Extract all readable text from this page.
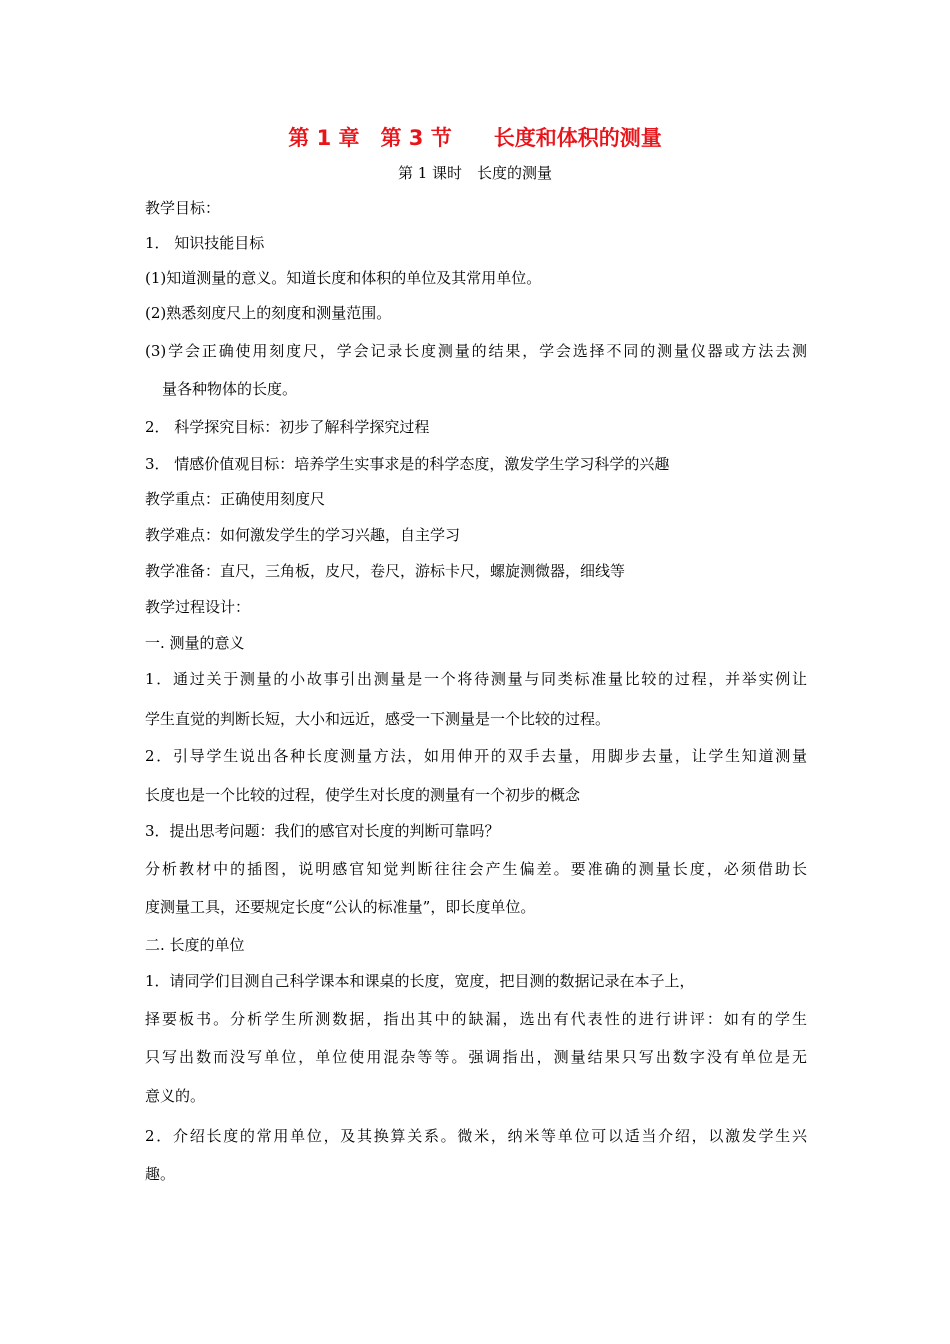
第 1 章　第 3 节　　长度和体积的测量
第 1 课时　长度的测量
教学目标：
1． 知识技能目标
(1)知道测量的意义。知道长度和体积的单位及其常用单位。
(2)熟悉刻度尺上的刻度和测量范围。
(3)学会正确使用刻度尺，学会记录长度测量的结果，学会选择不同的测量仪器或方法去测
量各种物体的长度。
2． 科学探究目标：初步了解科学探究过程
3． 情感价值观目标：培养学生实事求是的科学态度，激发学生学习科学的兴趣
教学重点：正确使用刻度尺
教学难点：如何激发学生的学习兴趣，自主学习
教学准备：直尺，三角板，皮尺，卷尺，游标卡尺，螺旋测微器，细线等
教学过程设计：
一. 测量的意义
1．通过关于测量的小故事引出测量是一个将待测量与同类标准量比较的过程，并举实例让
学生直觉的判断长短，大小和远近，感受一下测量是一个比较的过程。
2．引导学生说出各种长度测量方法，如用伸开的双手去量，用脚步去量，让学生知道测量
长度也是一个比较的过程，使学生对长度的测量有一个初步的概念
3．提出思考问题：我们的感官对长度的判断可靠吗？
分析教材中的插图，说明感官知觉判断往往会产生偏差。要准确的测量长度，必须借助长
度测量工具，还要规定长度“公认的标准量”，即长度单位。
二. 长度的单位
1．请同学们目测自己科学课本和课桌的长度，宽度，把目测的数据记录在本子上，
择要板书。分析学生所测数据，指出其中的缺漏，选出有代表性的进行讲评：如有的学生
只写出数而没写单位，单位使用混杂等等。强调指出，测量结果只写出数字没有单位是无
意义的。
2．介绍长度的常用单位，及其换算关系。微米，纳米等单位可以适当介绍，以激发学生兴
趣。
